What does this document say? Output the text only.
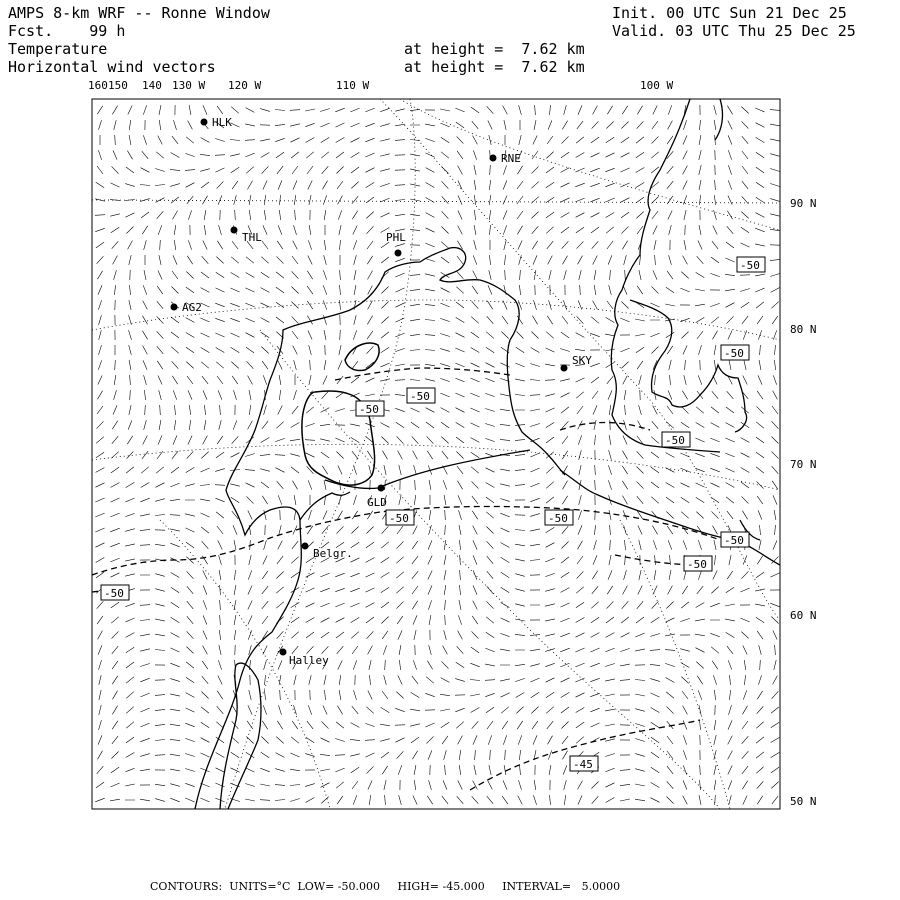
160 150 140 130 W 120 W	110 W	100 W
90 N
80 N
70 N
60 N
50 N
HLK
RNE
THL	PHL
AG2
SKY
GLD
Belgr.
Halley
-50
-50
-50
-50
-50
-50	-50
-50
-50
-50
-45
AMPS 8-km WRF -- Ronne Window
Fcst. 99 h
Temperature
Horizontal wind vectors
at height =  7.62 km
at height =  7.62 km
Init. 00 UTC Sun 21 Dec 25
Valid. 03 UTC Thu 25 Dec 25
CONTOURS:  UNITS=°C  LOW= -50.000     HIGH= -45.000     INTERVAL=   5.0000
